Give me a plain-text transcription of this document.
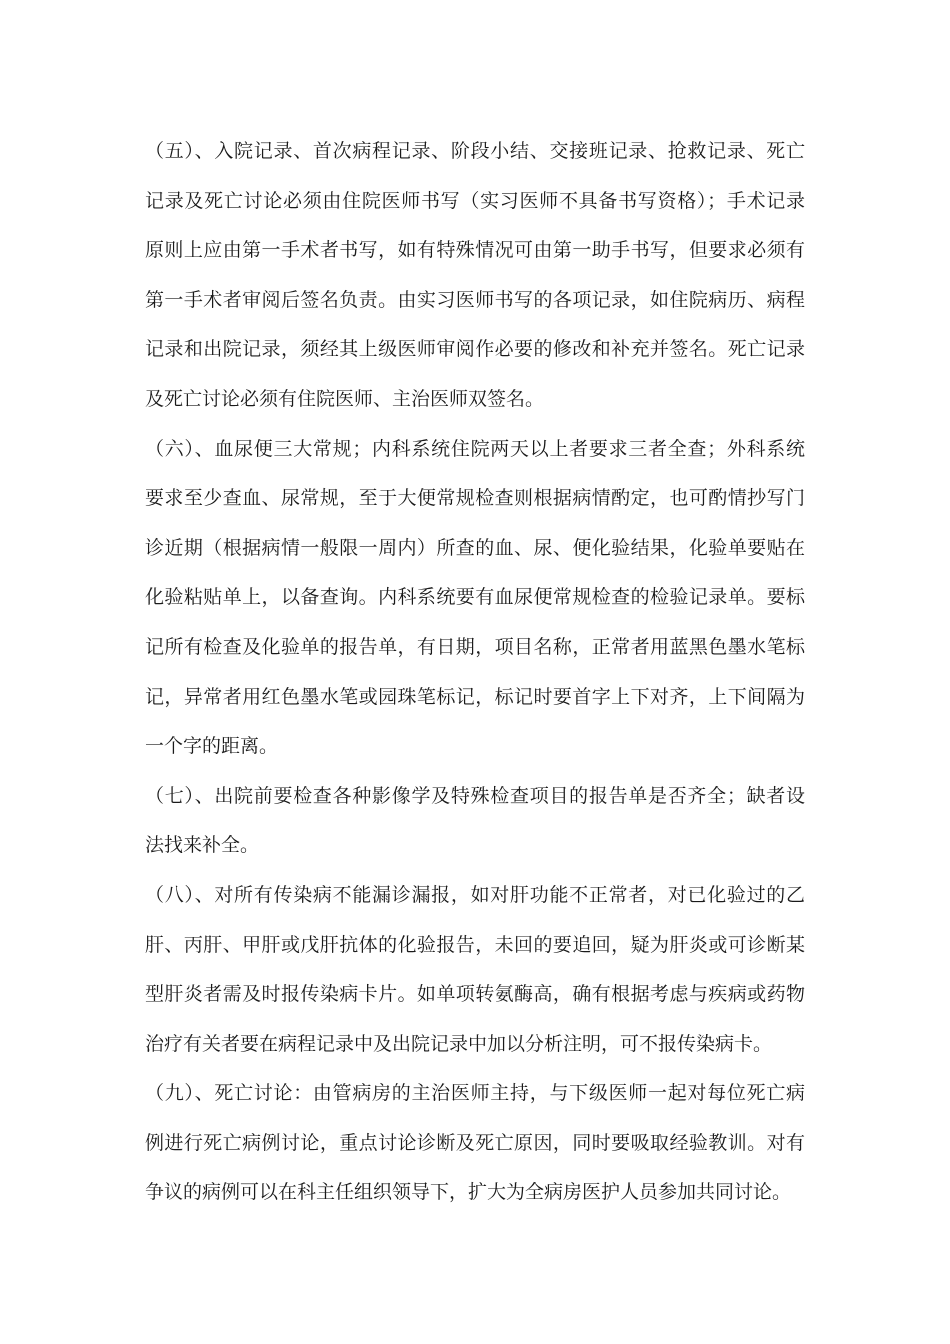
（五）、入院记录、首次病程记录、阶段小结、交接班记录、抢救记录、死亡
记录及死亡讨论必须由住院医师书写（实习医师不具备书写资格）；手术记录
原则上应由第一手术者书写，如有特殊情况可由第一助手书写，但要求必须有
第一手术者审阅后签名负责。由实习医师书写的各项记录，如住院病历、病程
记录和出院记录，须经其上级医师审阅作必要的修改和补充并签名。死亡记录
及死亡讨论必须有住院医师、主治医师双签名。
（六）、血尿便三大常规；内科系统住院两天以上者要求三者全查；外科系统
要求至少查血、尿常规，至于大便常规检查则根据病情酌定，也可酌情抄写门
诊近期（根据病情一般限一周内）所查的血、尿、便化验结果，化验单要贴在
化验粘贴单上，以备查询。内科系统要有血尿便常规检查的检验记录单。要标
记所有检查及化验单的报告单，有日期，项目名称，正常者用蓝黑色墨水笔标
记，异常者用红色墨水笔或园珠笔标记，标记时要首字上下对齐，上下间隔为
一个字的距离。
（七）、出院前要检查各种影像学及特殊检查项目的报告单是否齐全；缺者设
法找来补全。
（八）、对所有传染病不能漏诊漏报，如对肝功能不正常者，对已化验过的乙
肝、丙肝、甲肝或戊肝抗体的化验报告，未回的要追回，疑为肝炎或可诊断某
型肝炎者需及时报传染病卡片。如单项转氨酶高，确有根据考虑与疾病或药物
治疗有关者要在病程记录中及出院记录中加以分析注明，可不报传染病卡。
（九）、死亡讨论：由管病房的主治医师主持，与下级医师一起对每位死亡病
例进行死亡病例讨论，重点讨论诊断及死亡原因，同时要吸取经验教训。对有
争议的病例可以在科主任组织领导下，扩大为全病房医护人员参加共同讨论。
